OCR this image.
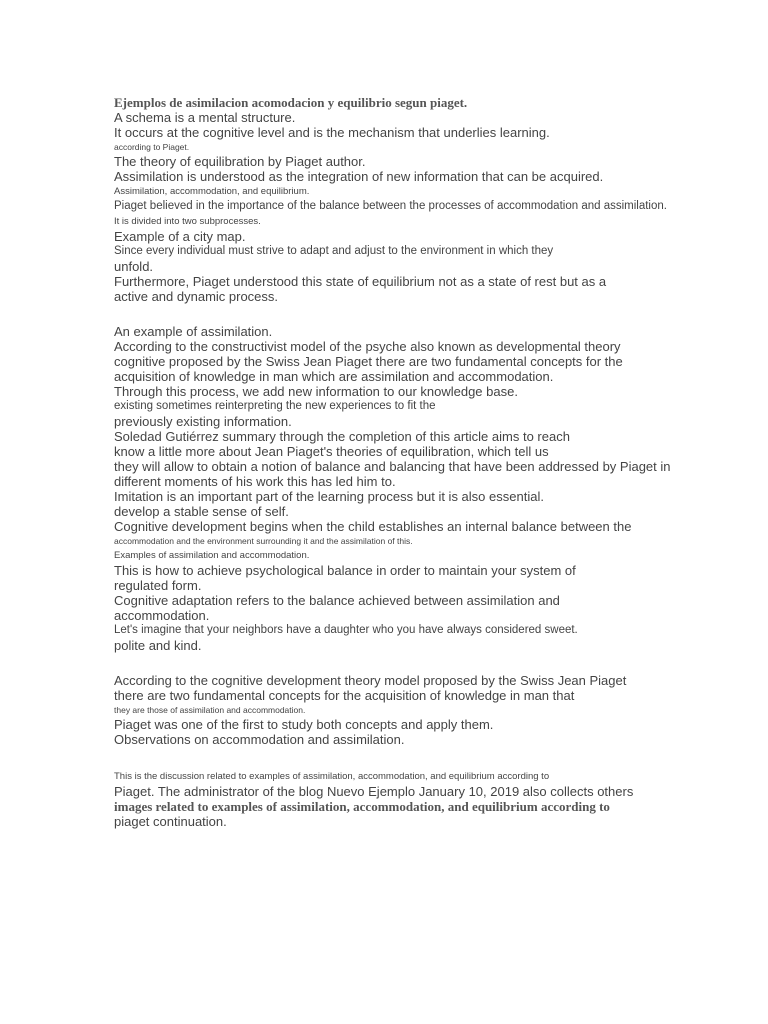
Ejemplos de asimilacion acomodacion y equilibrio segun piaget.

A schema is a mental structure.

It occurs at the cognitive level and is the mechanism that underlies learning.

according to Piaget.

The theory of equilibration by Piaget author.

Assimilation is understood as the integration of new information that can be acquired.

Assimilation, accommodation, and equilibrium.

Piaget believed in the importance of the balance between the processes of accommodation and assimilation.

It is divided into two subprocesses.

Example of a city map.

Since every individual must strive to adapt and adjust to the environment in which they

unfold.

Furthermore, Piaget understood this state of equilibrium not as a state of rest but as a

active and dynamic process.

An example of assimilation.

According to the constructivist model of the psyche also known as developmental theory

cognitive proposed by the Swiss Jean Piaget there are two fundamental concepts for the

acquisition of knowledge in man which are assimilation and accommodation.

Through this process, we add new information to our knowledge base.

existing sometimes reinterpreting the new experiences to fit the

previously existing information.

Soledad Gutiérrez summary through the completion of this article aims to reach

know a little more about Jean Piaget's theories of equilibration, which tell us

they will allow to obtain a notion of balance and balancing that have been addressed by Piaget in

different moments of his work this has led him to.

Imitation is an important part of the learning process but it is also essential.

develop a stable sense of self.

Cognitive development begins when the child establishes an internal balance between the

accommodation and the environment surrounding it and the assimilation of this.

Examples of assimilation and accommodation.

This is how to achieve psychological balance in order to maintain your system of

regulated form.

Cognitive adaptation refers to the balance achieved between assimilation and

accommodation.

Let's imagine that your neighbors have a daughter who you have always considered sweet.

polite and kind.

According to the cognitive development theory model proposed by the Swiss Jean Piaget

there are two fundamental concepts for the acquisition of knowledge in man that

they are those of assimilation and accommodation.

Piaget was one of the first to study both concepts and apply them.

Observations on accommodation and assimilation.

This is the discussion related to examples of assimilation, accommodation, and equilibrium according to

Piaget. The administrator of the blog Nuevo Ejemplo January 10, 2019 also collects others

images related to examples of assimilation, accommodation, and equilibrium according to

piaget continuation.
